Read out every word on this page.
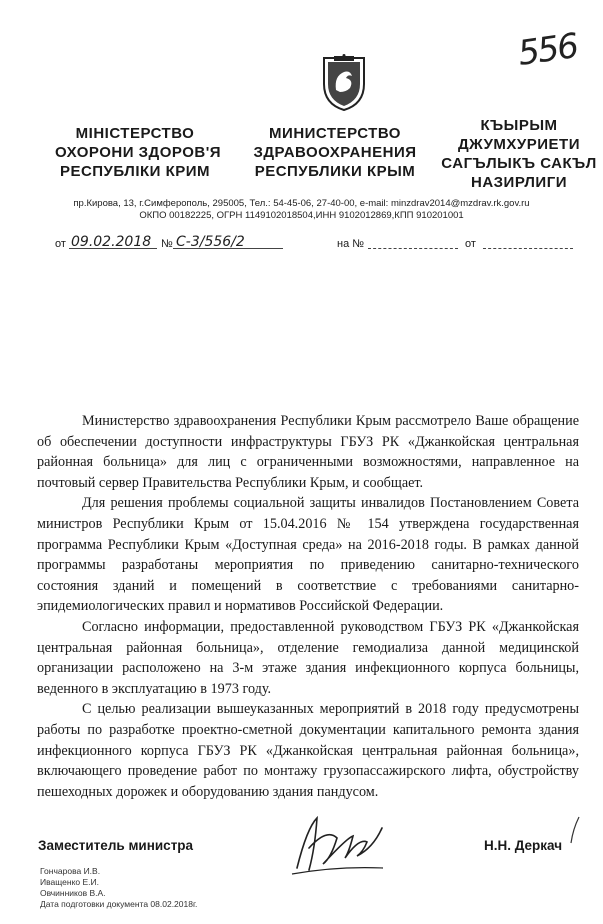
556
МІНІСТЕРСТВО
ОХОРОНИ ЗДОРОВ'Я
РЕСПУБЛІКИ КРИМ
МИНИСТЕРСТВО
ЗДРАВООХРАНЕНИЯ
РЕСПУБЛИКИ КРЫМ
КЪЫРЫМ
ДЖУМХУРИЕТИ
САГЪЛЫКЪ САКЪЛ
НАЗИРЛИГИ
пр.Кирова, 13, г.Симферополь, 295005, Тел.: 54-45-06, 27-40-00, e-mail: minzdrav2014@mzdrav.rk.gov.ru
ОКПО 00182225, ОГРН 1149102018504,ИНН 9102012869,КПП 910201001
от 09.02.2018 № С-3/556/2	на №	от

Министерство здравоохранения Республики Крым рассмотрело Ваше обращение об обеспечении доступности инфраструктуры ГБУЗ РК «Джанкойская центральная районная больница» для лиц с ограниченными возможностями, направленное на почтовый сервер Правительства Республики Крым, и сообщает.

Для решения проблемы социальной защиты инвалидов Постановлением Совета министров Республики Крым от 15.04.2016 № 154 утверждена государственная программа Республики Крым «Доступная среда» на 2016-2018 годы. В рамках данной программы разработаны мероприятия по приведению санитарно-технического состояния зданий и помещений в соответствие с требованиями санитарно-эпидемиологических правил и нормативов Российской Федерации.

Согласно информации, предоставленной руководством ГБУЗ РК «Джанкойская центральная районная больница», отделение гемодиализа данной медицинской организации расположено на 3-м этаже здания инфекционного корпуса больницы, веденного в эксплуатацию в 1973 году.

С целью реализации вышеуказанных мероприятий в 2018 году предусмотрены работы по разработке проектно-сметной документации капитального ремонта здания инфекционного корпуса ГБУЗ РК «Джанкойская центральная районная больница», включающего проведение работ по монтажу грузопассажирского лифта, обустройству пешеходных дорожек и оборудованию здания пандусом.

Заместитель министра	Н.Н. Деркач
Гончарова И.В.
Иващенко Е.И.
Овчинников В.А.
Дата подготовки документа 08.02.2018г.
